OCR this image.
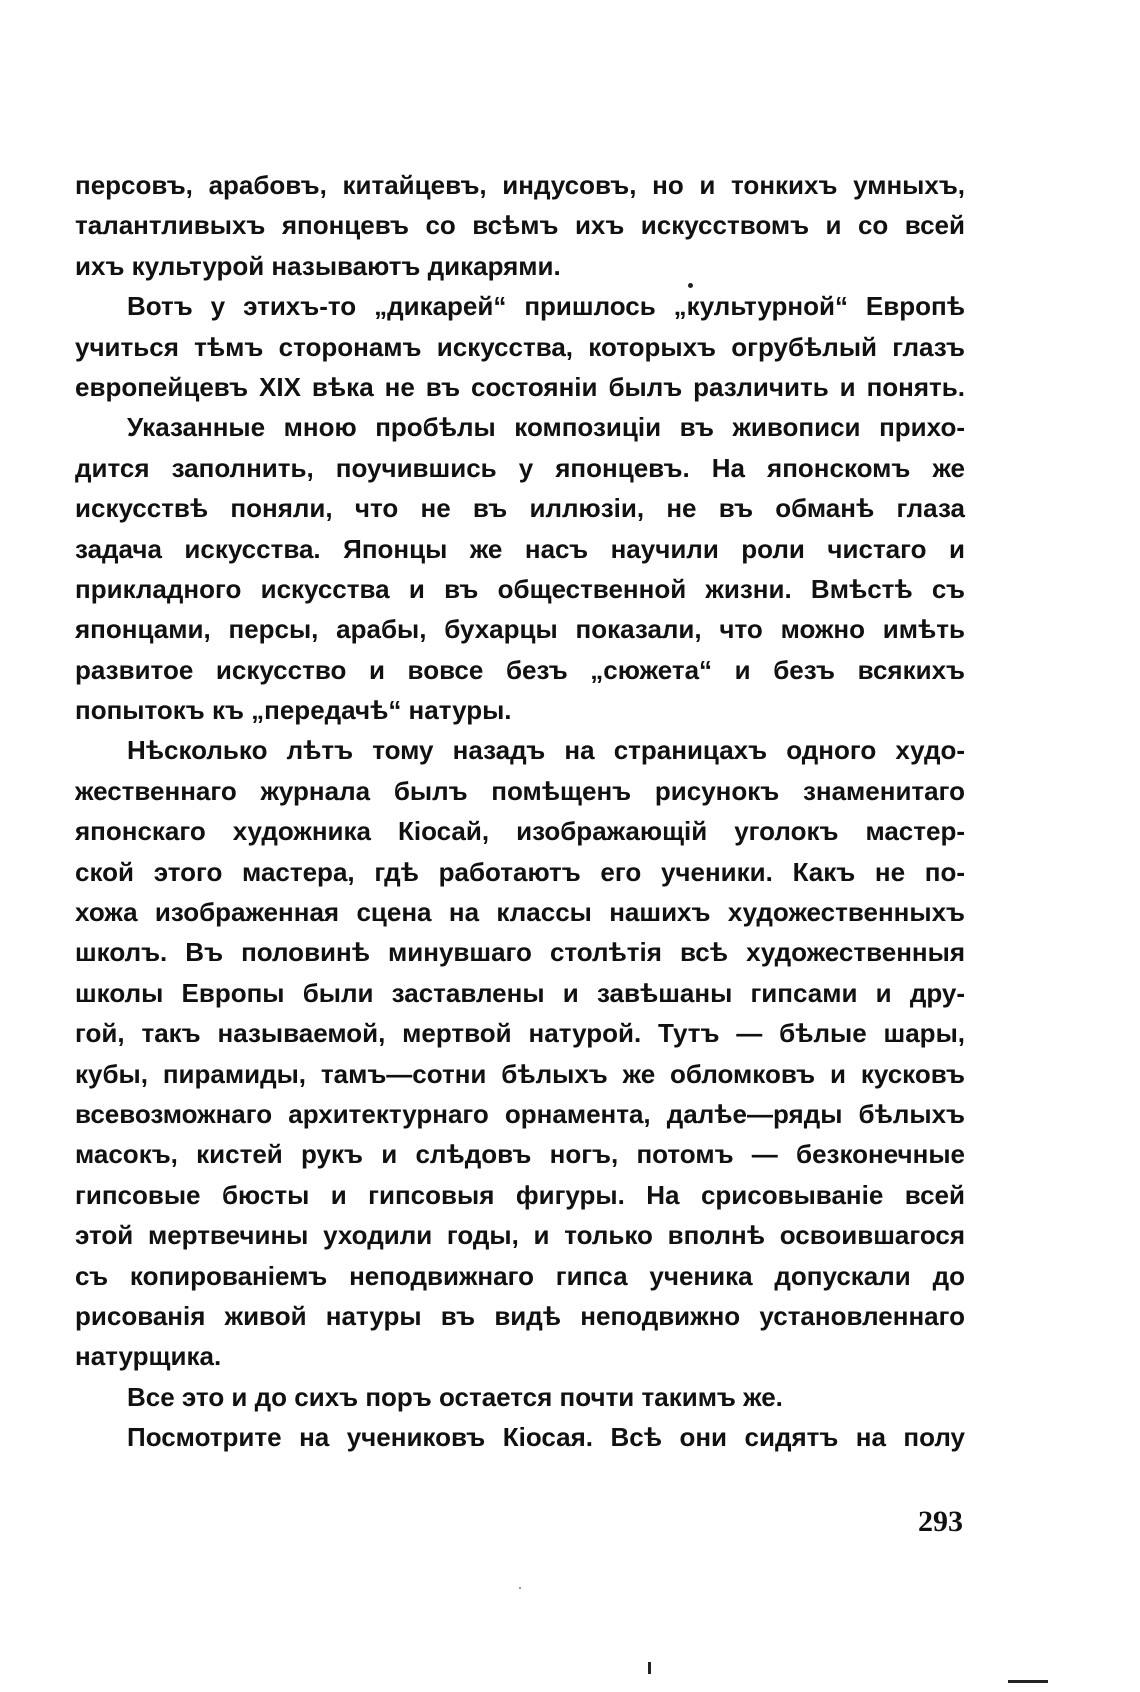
персовъ, арабовъ, китайцевъ, индусовъ, но и тонкихъ умныхъ,
талантливыхъ японцевъ со всѣмъ ихъ искусствомъ и со всей
ихъ культурой называютъ дикарями.
Вотъ у этихъ-то „дикарей“ пришлось „культурной“ Европѣ
учиться тѣмъ сторонамъ искусства, которыхъ огрубѣлый глазъ
европейцевъ XIX вѣка не въ состояніи былъ различить и понять.
Указанные мною пробѣлы композиціи въ живописи прихо-
дится заполнить, поучившись у японцевъ. На японскомъ же
искусствѣ поняли, что не въ иллюзіи, не въ обманѣ глаза
задача искусства. Японцы же насъ научили роли чистаго и
прикладного искусства и въ общественной жизни. Вмѣстѣ съ
японцами, персы, арабы, бухарцы показали, что можно имѣть
развитое искусство и вовсе безъ „сюжета“ и безъ всякихъ
попытокъ къ „передачѣ“ натуры.
Нѣсколько лѣтъ тому назадъ на страницахъ одного худо-
жественнаго журнала былъ помѣщенъ рисунокъ знаменитаго
японскаго художника Кіосай, изображающій уголокъ мастер-
ской этого мастера, гдѣ работаютъ его ученики. Какъ не по-
хожа изображенная сцена на классы нашихъ художественныхъ
школъ. Въ половинѣ минувшаго столѣтія всѣ художественныя
школы Европы были заставлены и завѣшаны гипсами и дру-
гой, такъ называемой, мертвой натурой. Тутъ — бѣлые шары,
кубы, пирамиды, тамъ—сотни бѣлыхъ же обломковъ и кусковъ
всевозможнаго архитектурнаго орнамента, далѣе—ряды бѣлыхъ
масокъ, кистей рукъ и слѣдовъ ногъ, потомъ — безконечные
гипсовые бюсты и гипсовыя фигуры. На срисовываніе всей
этой мертвечины уходили годы, и только вполнѣ освоившагося
съ копированіемъ неподвижнаго гипса ученика допускали до
рисованія живой натуры въ видѣ неподвижно установленнаго
натурщика.
Все это и до сихъ поръ остается почти такимъ же.
Посмотрите на учениковъ Кіосая. Всѣ они сидятъ на полу
293
